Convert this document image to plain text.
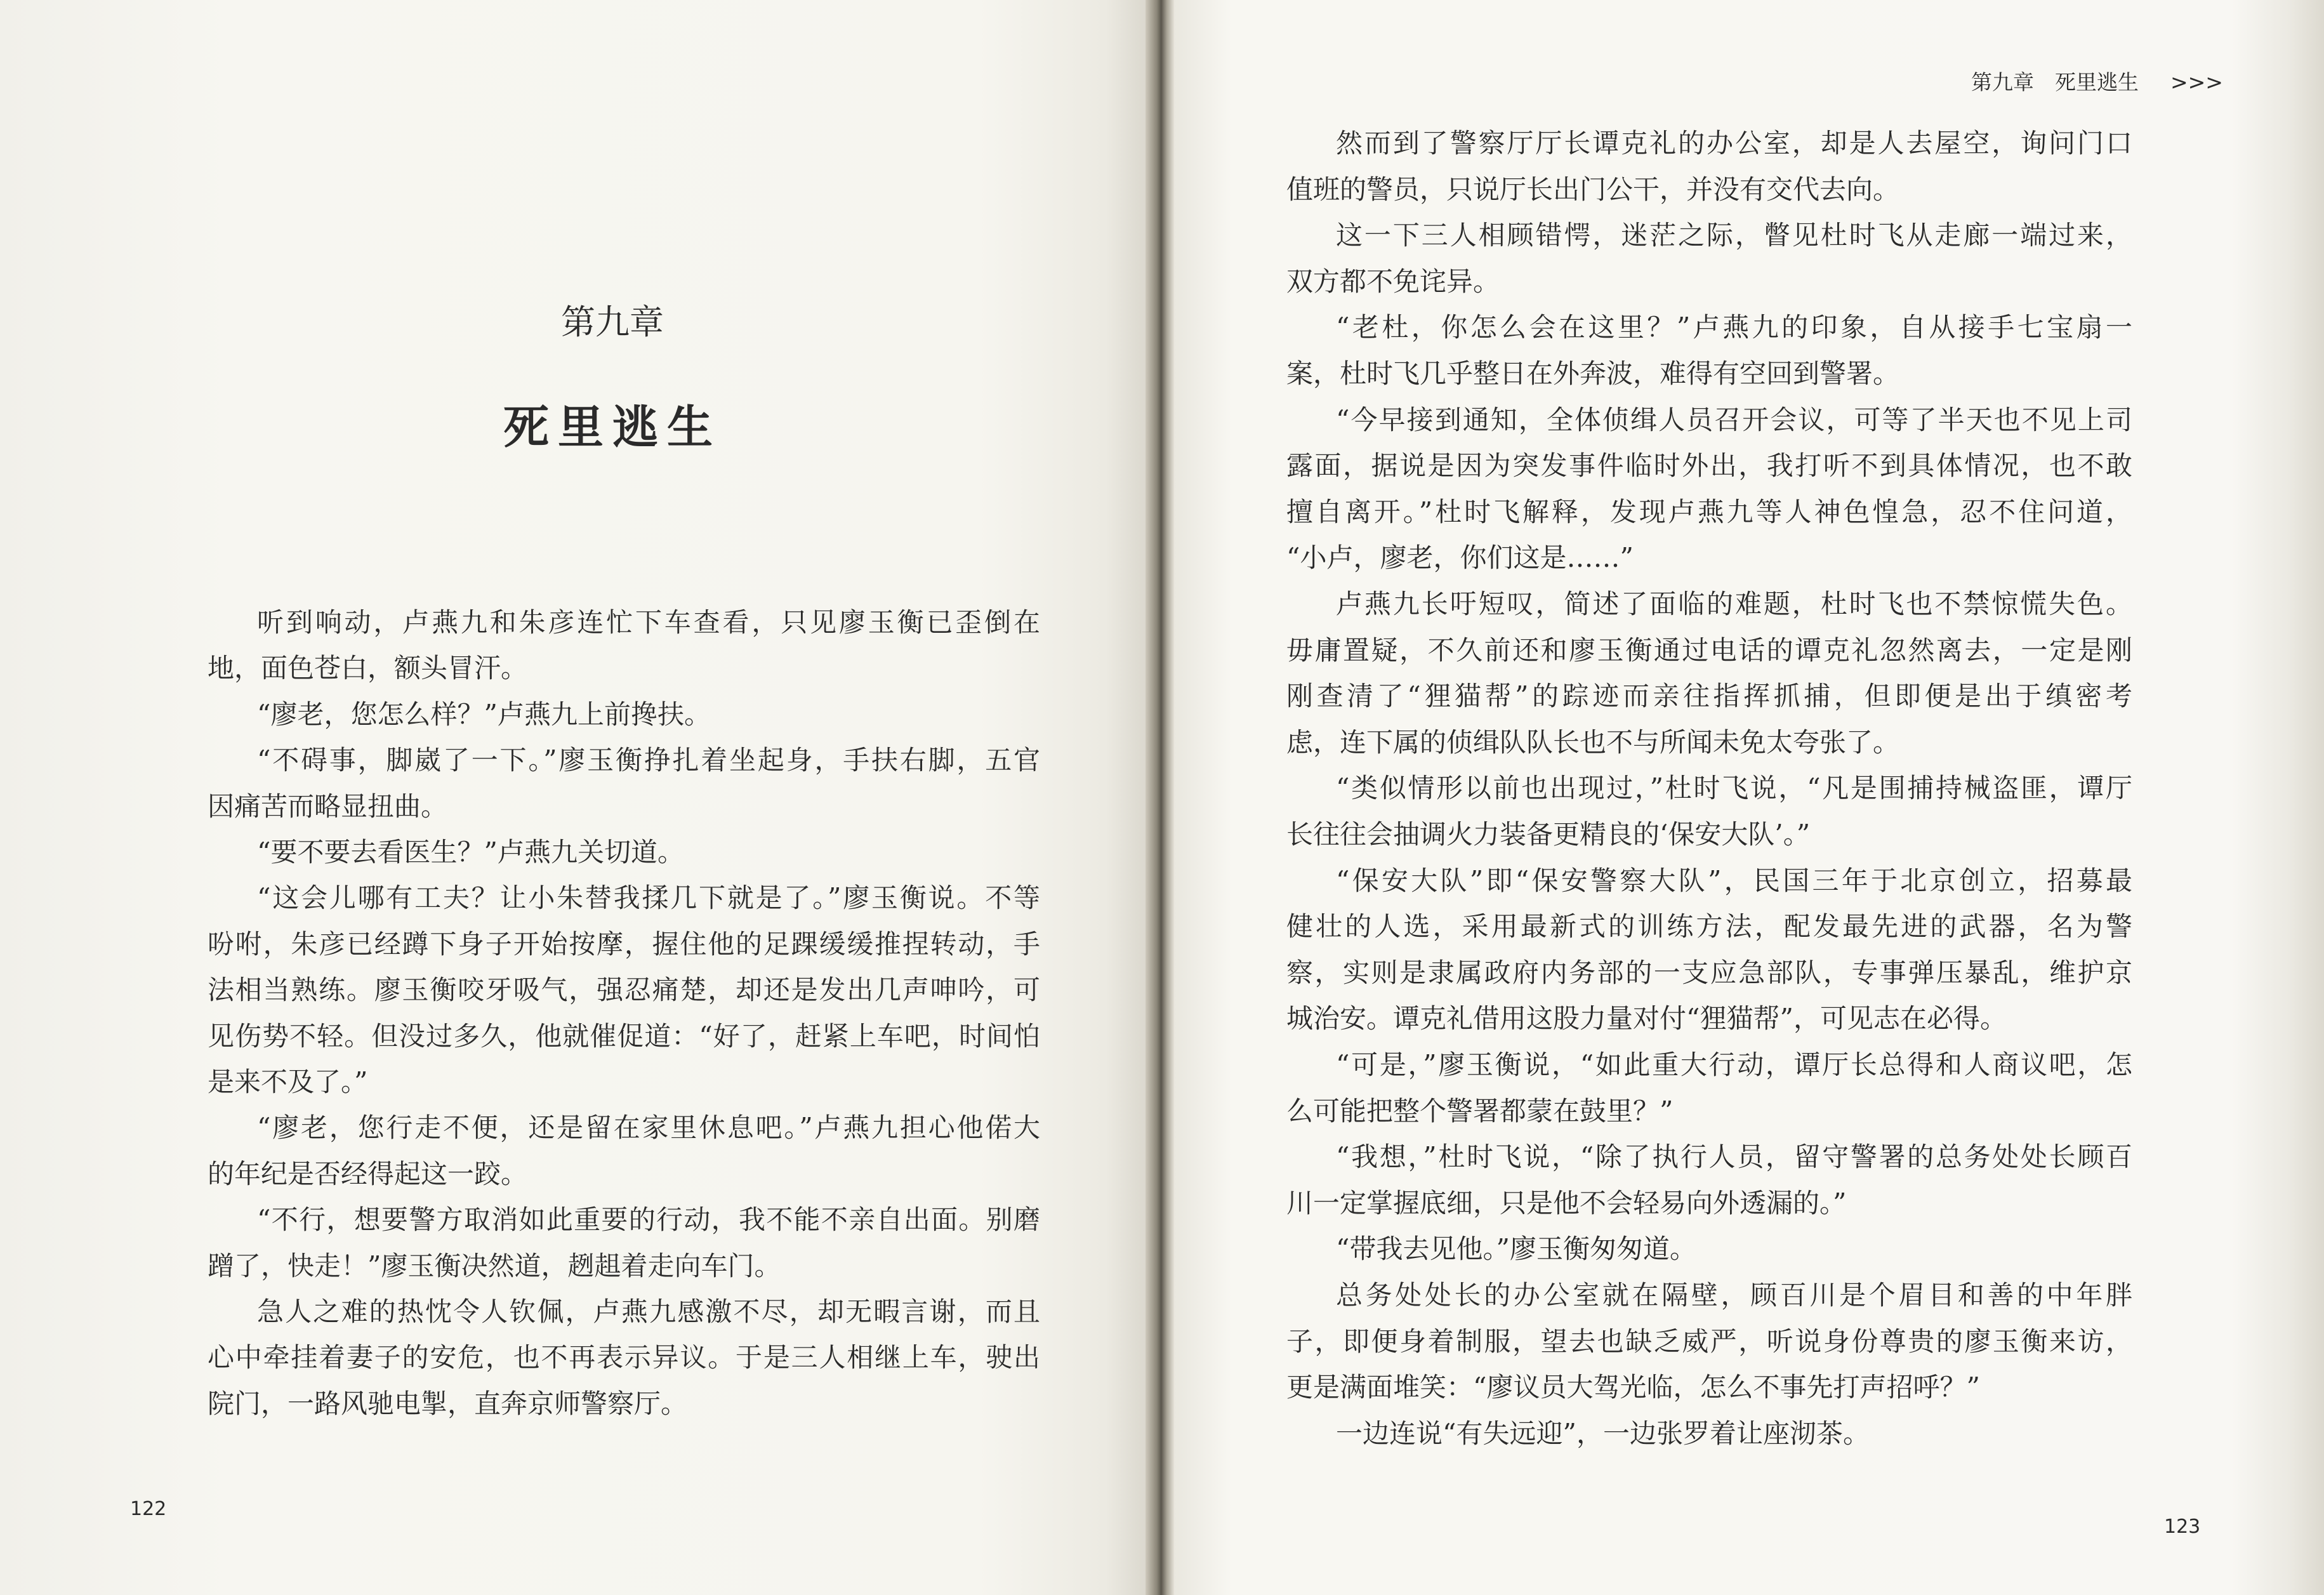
第九章
死里逃生
第九章　死里逃生 >>>
听到响动，卢燕九和朱彦连忙下车查看，只见廖玉衡已歪倒在
地，面色苍白，额头冒汗。
“廖老，您怎么样？”卢燕九上前搀扶。
“不碍事，脚崴了一下。”廖玉衡挣扎着坐起身，手扶右脚，五官
因痛苦而略显扭曲。
“要不要去看医生？”卢燕九关切道。
“这会儿哪有工夫？让小朱替我揉几下就是了。”廖玉衡说。不等
吩咐，朱彦已经蹲下身子开始按摩，握住他的足踝缓缓推捏转动，手
法相当熟练。廖玉衡咬牙吸气，强忍痛楚，却还是发出几声呻吟，可
见伤势不轻。但没过多久，他就催促道：“好了，赶紧上车吧，时间怕
是来不及了。”
“廖老，您行走不便，还是留在家里休息吧。”卢燕九担心他偌大
的年纪是否经得起这一跤。
“不行，想要警方取消如此重要的行动，我不能不亲自出面。别磨
蹭了，快走！”廖玉衡决然道，趔趄着走向车门。
急人之难的热忱令人钦佩，卢燕九感激不尽，却无暇言谢，而且
心中牵挂着妻子的安危，也不再表示异议。于是三人相继上车，驶出
院门，一路风驰电掣，直奔京师警察厅。
然而到了警察厅厅长谭克礼的办公室，却是人去屋空，询问门口
值班的警员，只说厅长出门公干，并没有交代去向。
这一下三人相顾错愕，迷茫之际，瞥见杜时飞从走廊一端过来，
双方都不免诧异。
“老杜，你怎么会在这里？”卢燕九的印象，自从接手七宝扇一
案，杜时飞几乎整日在外奔波，难得有空回到警署。
“今早接到通知，全体侦缉人员召开会议，可等了半天也不见上司
露面，据说是因为突发事件临时外出，我打听不到具体情况，也不敢
擅自离开。”杜时飞解释，发现卢燕九等人神色惶急，忍不住问道，
“小卢，廖老，你们这是……”
卢燕九长吁短叹，简述了面临的难题，杜时飞也不禁惊慌失色。
毋庸置疑，不久前还和廖玉衡通过电话的谭克礼忽然离去，一定是刚
刚查清了“狸猫帮”的踪迹而亲往指挥抓捕，但即便是出于缜密考
虑，连下属的侦缉队队长也不与所闻未免太夸张了。
“类似情形以前也出现过，”杜时飞说，“凡是围捕持械盗匪，谭厅
长往往会抽调火力装备更精良的‘保安大队’。”
“保安大队”即“保安警察大队”，民国三年于北京创立，招募最
健壮的人选，采用最新式的训练方法，配发最先进的武器，名为警
察，实则是隶属政府内务部的一支应急部队，专事弹压暴乱，维护京
城治安。谭克礼借用这股力量对付“狸猫帮”，可见志在必得。
“可是，”廖玉衡说，“如此重大行动，谭厅长总得和人商议吧，怎
么可能把整个警署都蒙在鼓里？”
“我想，”杜时飞说，“除了执行人员，留守警署的总务处处长顾百
川一定掌握底细，只是他不会轻易向外透漏的。”
“带我去见他。”廖玉衡匆匆道。
总务处处长的办公室就在隔壁，顾百川是个眉目和善的中年胖
子，即便身着制服，望去也缺乏威严，听说身份尊贵的廖玉衡来访，
更是满面堆笑：“廖议员大驾光临，怎么不事先打声招呼？”
一边连说“有失远迎”，一边张罗着让座沏茶。
122
123
